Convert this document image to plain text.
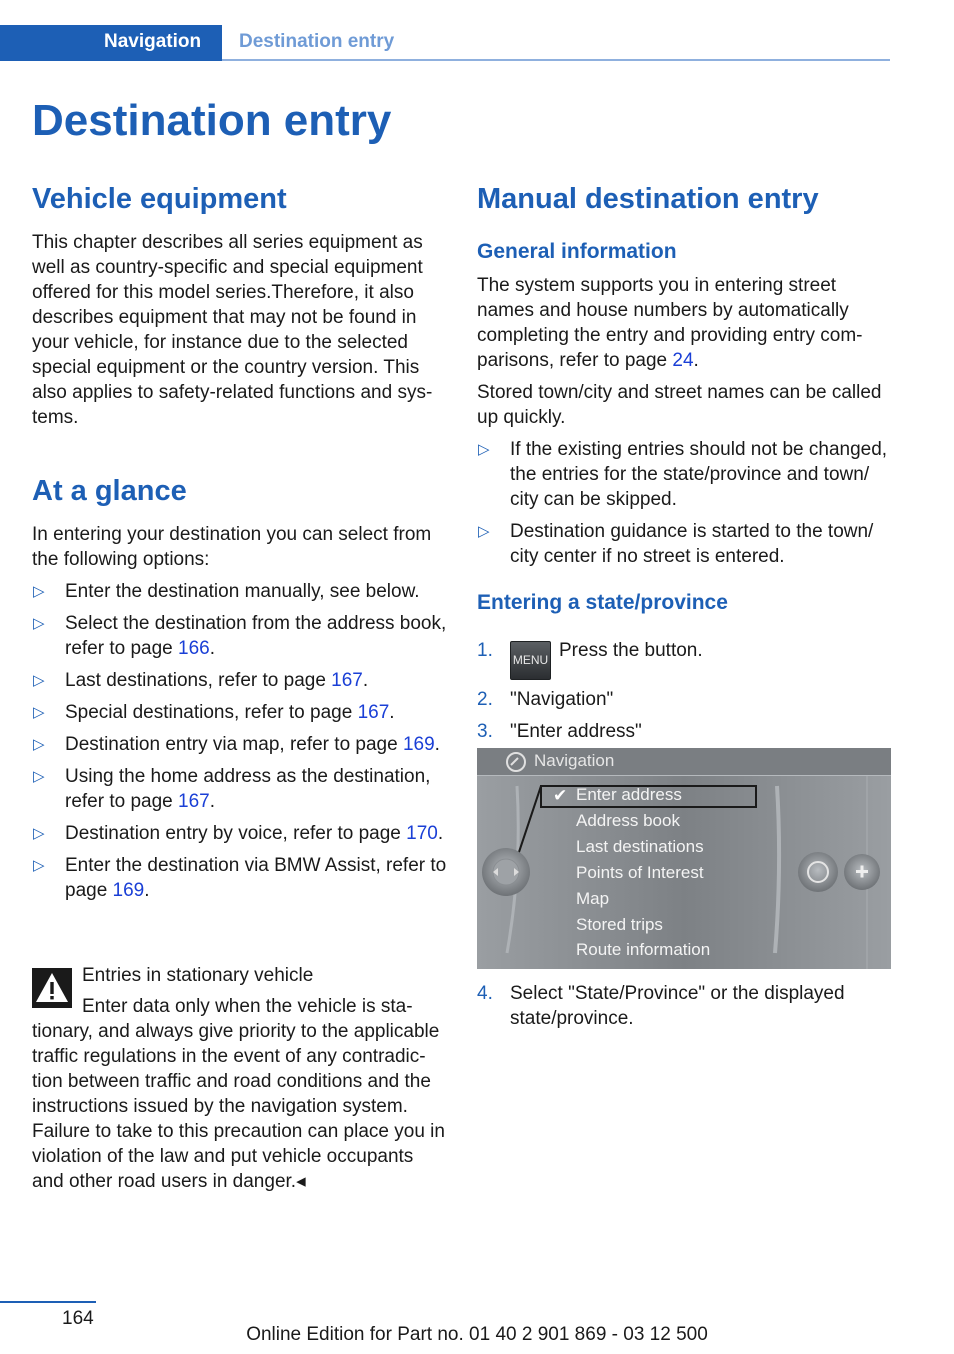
Navigation Destination entry
Destination entry
Vehicle equipment

This chapter describes all series equipment as well as country-specific and special equipment offered for this model series.Therefore, it also describes equipment that may not be found in your vehicle, for instance due to the selected special equipment or the country version. This also applies to safety-related functions and sys-tems.

At a glance

In entering your destination you can select from the following options:

▷ Enter the destination manually, see below.
▷ Select the destination from the address book, refer to page 166.
▷ Last destinations, refer to page 167.
▷ Special destinations, refer to page 167.
▷ Destination entry via map, refer to page 169.
▷ Using the home address as the destination, refer to page 167.
▷ Destination entry by voice, refer to page 170.
▷ Enter the destination via BMW Assist, refer to page 169.
Entries in stationary vehicle

Enter data only when the vehicle is sta-tionary, and always give priority to the applicable traffic regulations in the event of any contradic-tion between traffic and road conditions and the instructions issued by the navigation system. Failure to take to this precaution can place you in violation of the law and put vehicle occupants and other road users in danger.◂

Manual destination entry
General information

The system supports you in entering street names and house numbers by automatically completing the entry and providing entry com-parisons, refer to page 24.

Stored town/city and street names can be called up quickly.

▷ If the existing entries should not be changed, the entries for the state/province and town/ city can be skipped.
▷ Destination guidance is started to the town/ city center if no street is entered.
Entering a state/province
1. MENU Press the button.
2. "Navigation"
3. "Enter address"
Navigation
✔ Enter address
Address book
Last destinations
Points of Interest
Map
Stored trips
Route information
4. Select "State/Province" or the displayed state/province.
164
Online Edition for Part no. 01 40 2 901 869 - 03 12 500
